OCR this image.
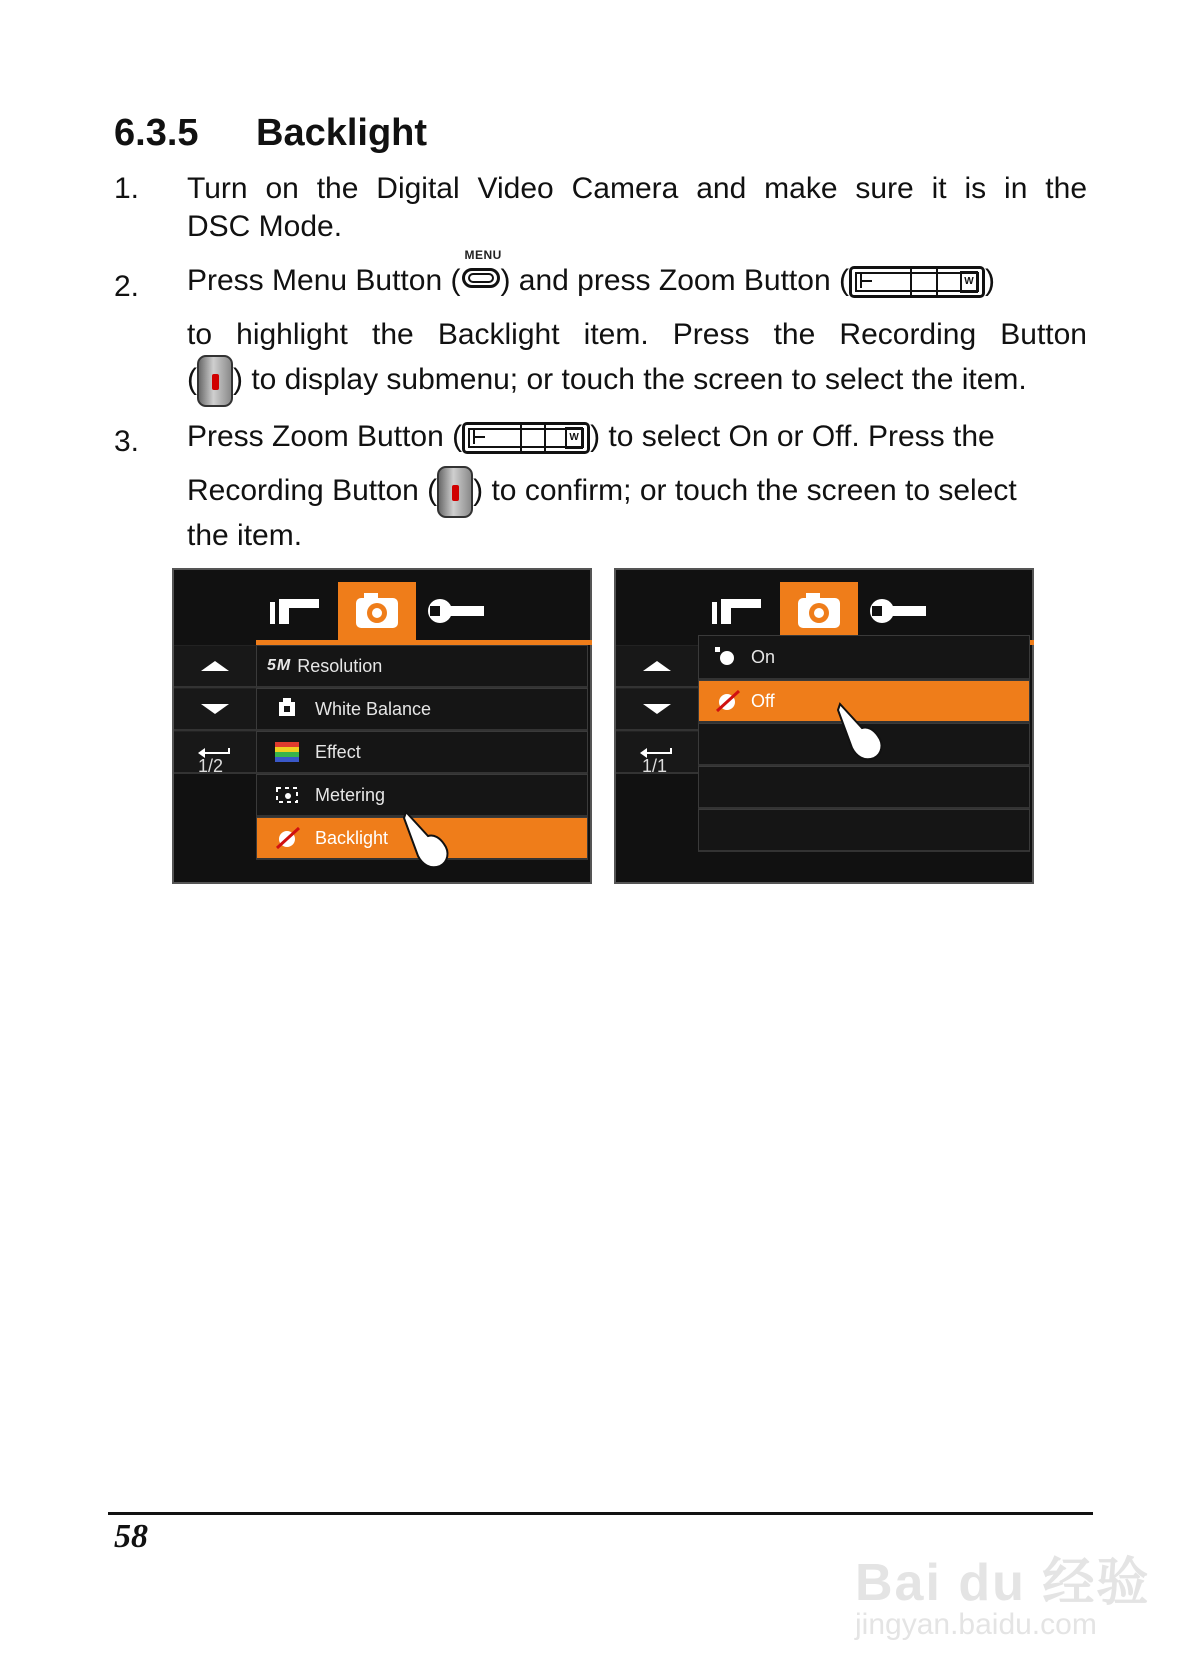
6.3.5 Backlight
1. Turn on the Digital Video Camera and make sure it is in the
DSC Mode.
2. Press Menu Button (
MENU
) and press Zoom Button (	W )
to highlight the Backlight item. Press the Recording Button
( ) to display submenu; or touch the screen to select the item.
3. Press Zoom Button (	W ) to select On or Off. Press the
Recording Button ( ) to confirm; or touch the screen to select
the item.
1/2
5M Resolution
White Balance
Effect
Metering
Backlight
1/1
On
Off
58
Bai du 经验
jingyan.baidu.com
